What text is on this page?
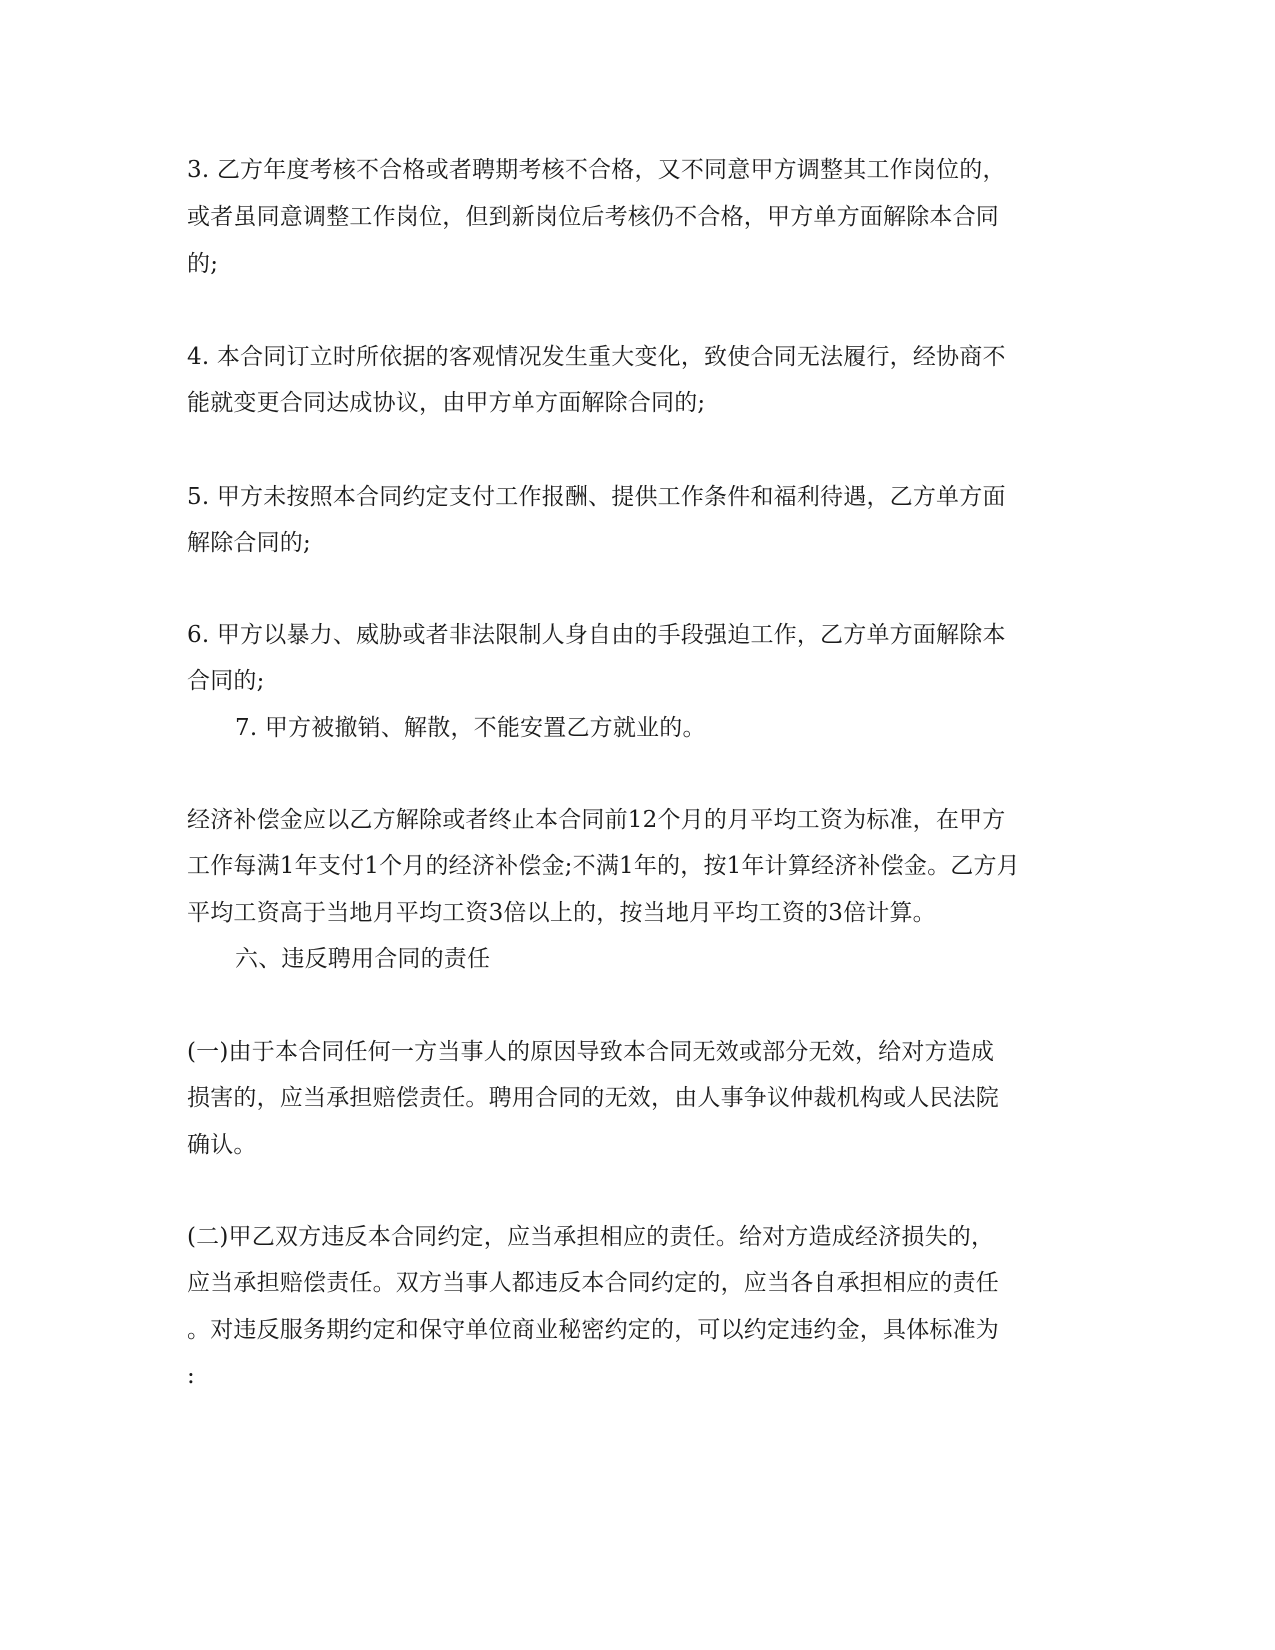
3. 乙方年度考核不合格或者聘期考核不合格，又不同意甲方调整其工作岗位的，
或者虽同意调整工作岗位，但到新岗位后考核仍不合格，甲方单方面解除本合同
的;
4. 本合同订立时所依据的客观情况发生重大变化，致使合同无法履行，经协商不
能就变更合同达成协议，由甲方单方面解除合同的;
5. 甲方未按照本合同约定支付工作报酬、提供工作条件和福利待遇，乙方单方面
解除合同的;
6. 甲方以暴力、威胁或者非法限制人身自由的手段强迫工作，乙方单方面解除本
合同的;
7. 甲方被撤销、解散，不能安置乙方就业的。
经济补偿金应以乙方解除或者终止本合同前12个月的月平均工资为标准，在甲方
工作每满1年支付1个月的经济补偿金;不满1年的，按1年计算经济补偿金。乙方月
平均工资高于当地月平均工资3倍以上的，按当地月平均工资的3倍计算。
六、违反聘用合同的责任
(一)由于本合同任何一方当事人的原因导致本合同无效或部分无效，给对方造成
损害的，应当承担赔偿责任。聘用合同的无效，由人事争议仲裁机构或人民法院
确认。
(二)甲乙双方违反本合同约定，应当承担相应的责任。给对方造成经济损失的，
应当承担赔偿责任。双方当事人都违反本合同约定的，应当各自承担相应的责任
。对违反服务期约定和保守单位商业秘密约定的，可以约定违约金，具体标准为
:
